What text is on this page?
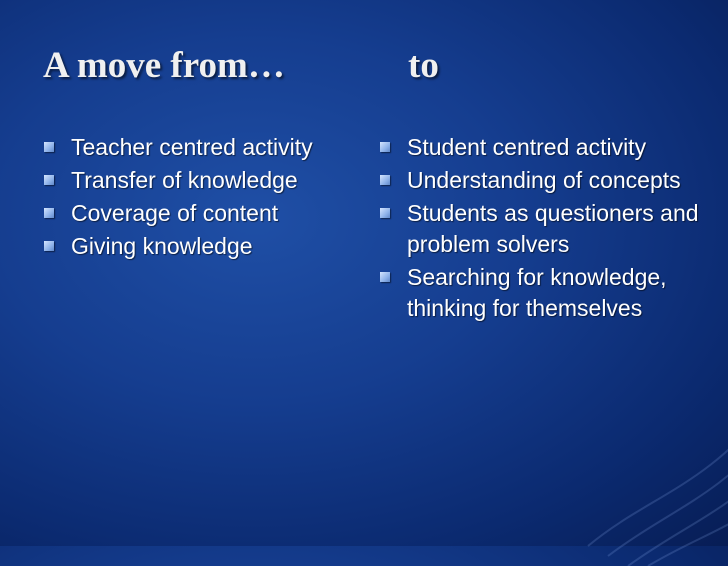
A move from…	to
Teacher centred activity
Transfer of knowledge
Coverage of content
Giving knowledge
Student centred activity
Understanding of concepts
Students as questioners and problem solvers
Searching for knowledge, thinking for themselves
